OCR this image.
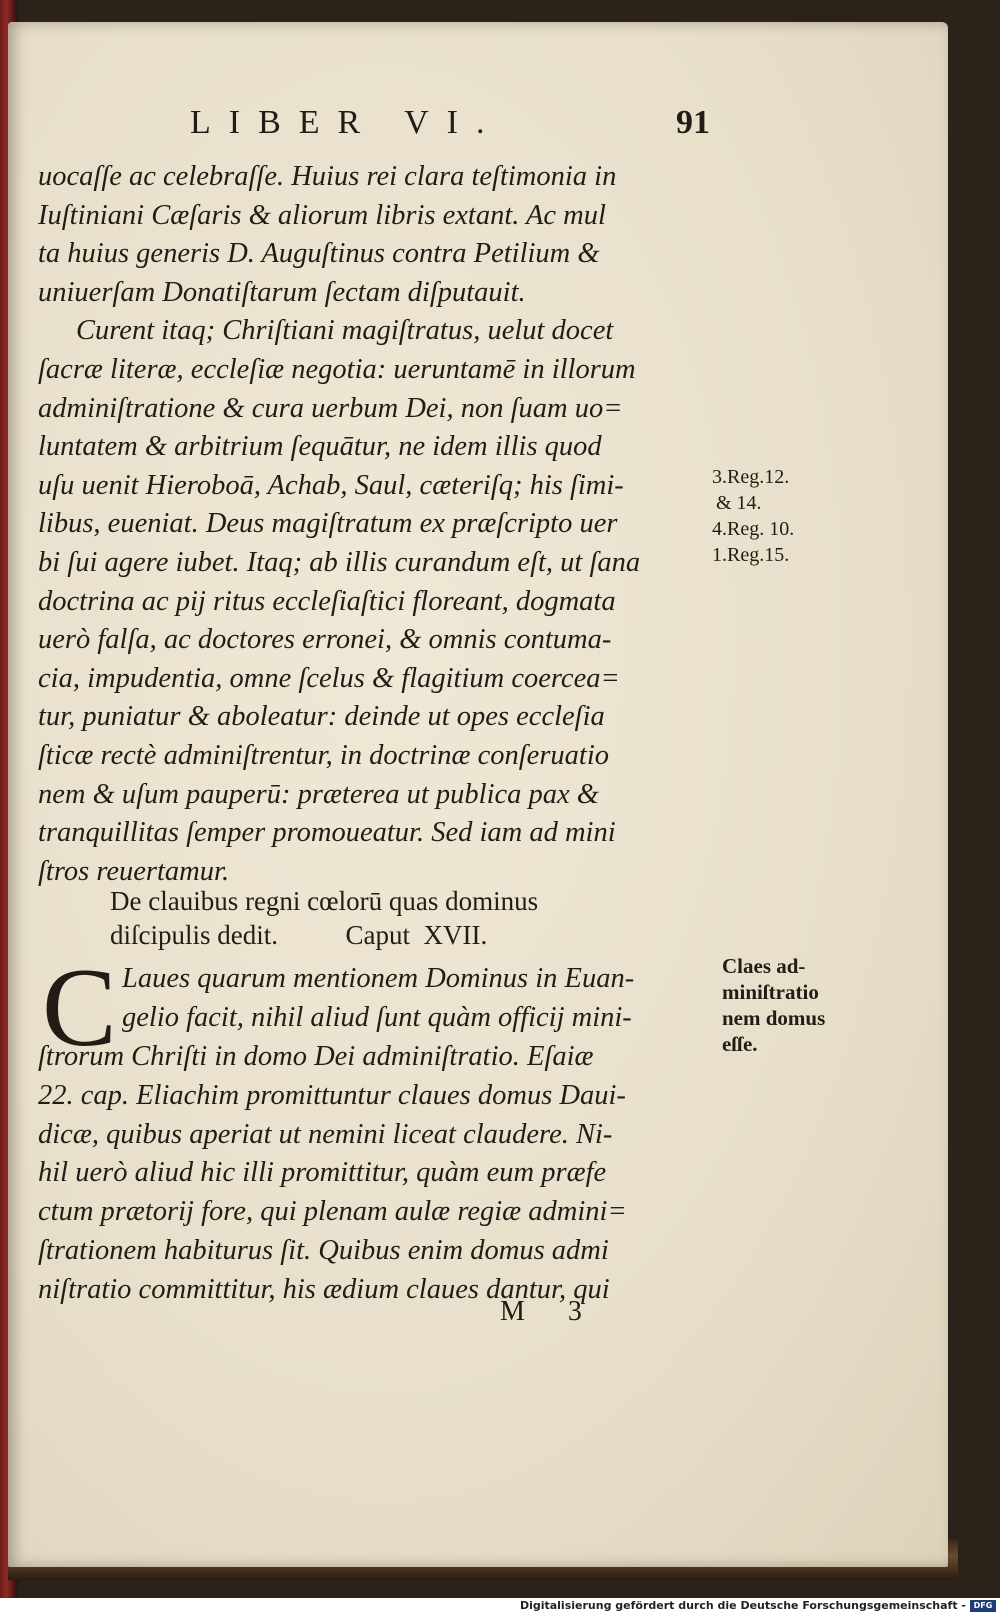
LIBER VI.	91
uocaſſe ac celebraſſe. Huius rei clara teſtimonia in
Iuſtiniani Cæſaris & aliorum libris extant. Ac mul
ta huius generis D. Auguſtinus contra Petilium &
uniuerſam Donatiſtarum ſectam diſputauit.
Curent itaq; Chriſtiani magiſtratus, uelut docet
ſacræ literæ, eccleſiæ negotia: ueruntamē in illorum
adminiſtratione & cura uerbum Dei, non ſuam uo=
luntatem & arbitrium ſequātur, ne idem illis quod
uſu uenit Hieroboā, Achab, Saul, cæteriſq; his ſimi-
libus, eueniat. Deus magiſtratum ex præſcripto uer
bi ſui agere iubet. Itaq; ab illis curandum eſt, ut ſana
doctrina ac pij ritus eccleſiaſtici floreant, dogmata
uerò falſa, ac doctores erronei, & omnis contuma-
cia, impudentia, omne ſcelus & flagitium coercea=
tur, puniatur & aboleatur: deinde ut opes eccleſia
ſticæ rectè adminiſtrentur, in doctrinæ conſeruatio
nem & uſum pauperū: præterea ut publica pax &
tranquillitas ſemper promoueatur. Sed iam ad mini
ſtros reuertamur.
De clauibus regni cœlorū quas dominus
diſcipulis dedit.          Caput  XVII.
C Laues quarum mentionem Dominus in Euan-
gelio facit, nihil aliud ſunt quàm officij mini-
ſtrorum Chriſti in domo Dei adminiſtratio. Eſaiæ
22. cap. Eliachim promittuntur claues domus Daui-
dicæ, quibus aperiat ut nemini liceat claudere. Ni-
hil uerò aliud hic illi promittitur, quàm eum præfe
ctum prætorij fore, qui plenam aulæ regiæ admini=
ſtrationem habiturus ſit. Quibus enim domus admi
niſtratio committitur, his ædium claues dantur, qui
M 3
3.Reg.12.
& 14.
4.Reg. 10.
1.Reg.15.
Claes ad-
miniſtratio
nem domus
eſſe.
Digitalisierung gefördert durch die Deutsche Forschungsgemeinschaft - DFG
